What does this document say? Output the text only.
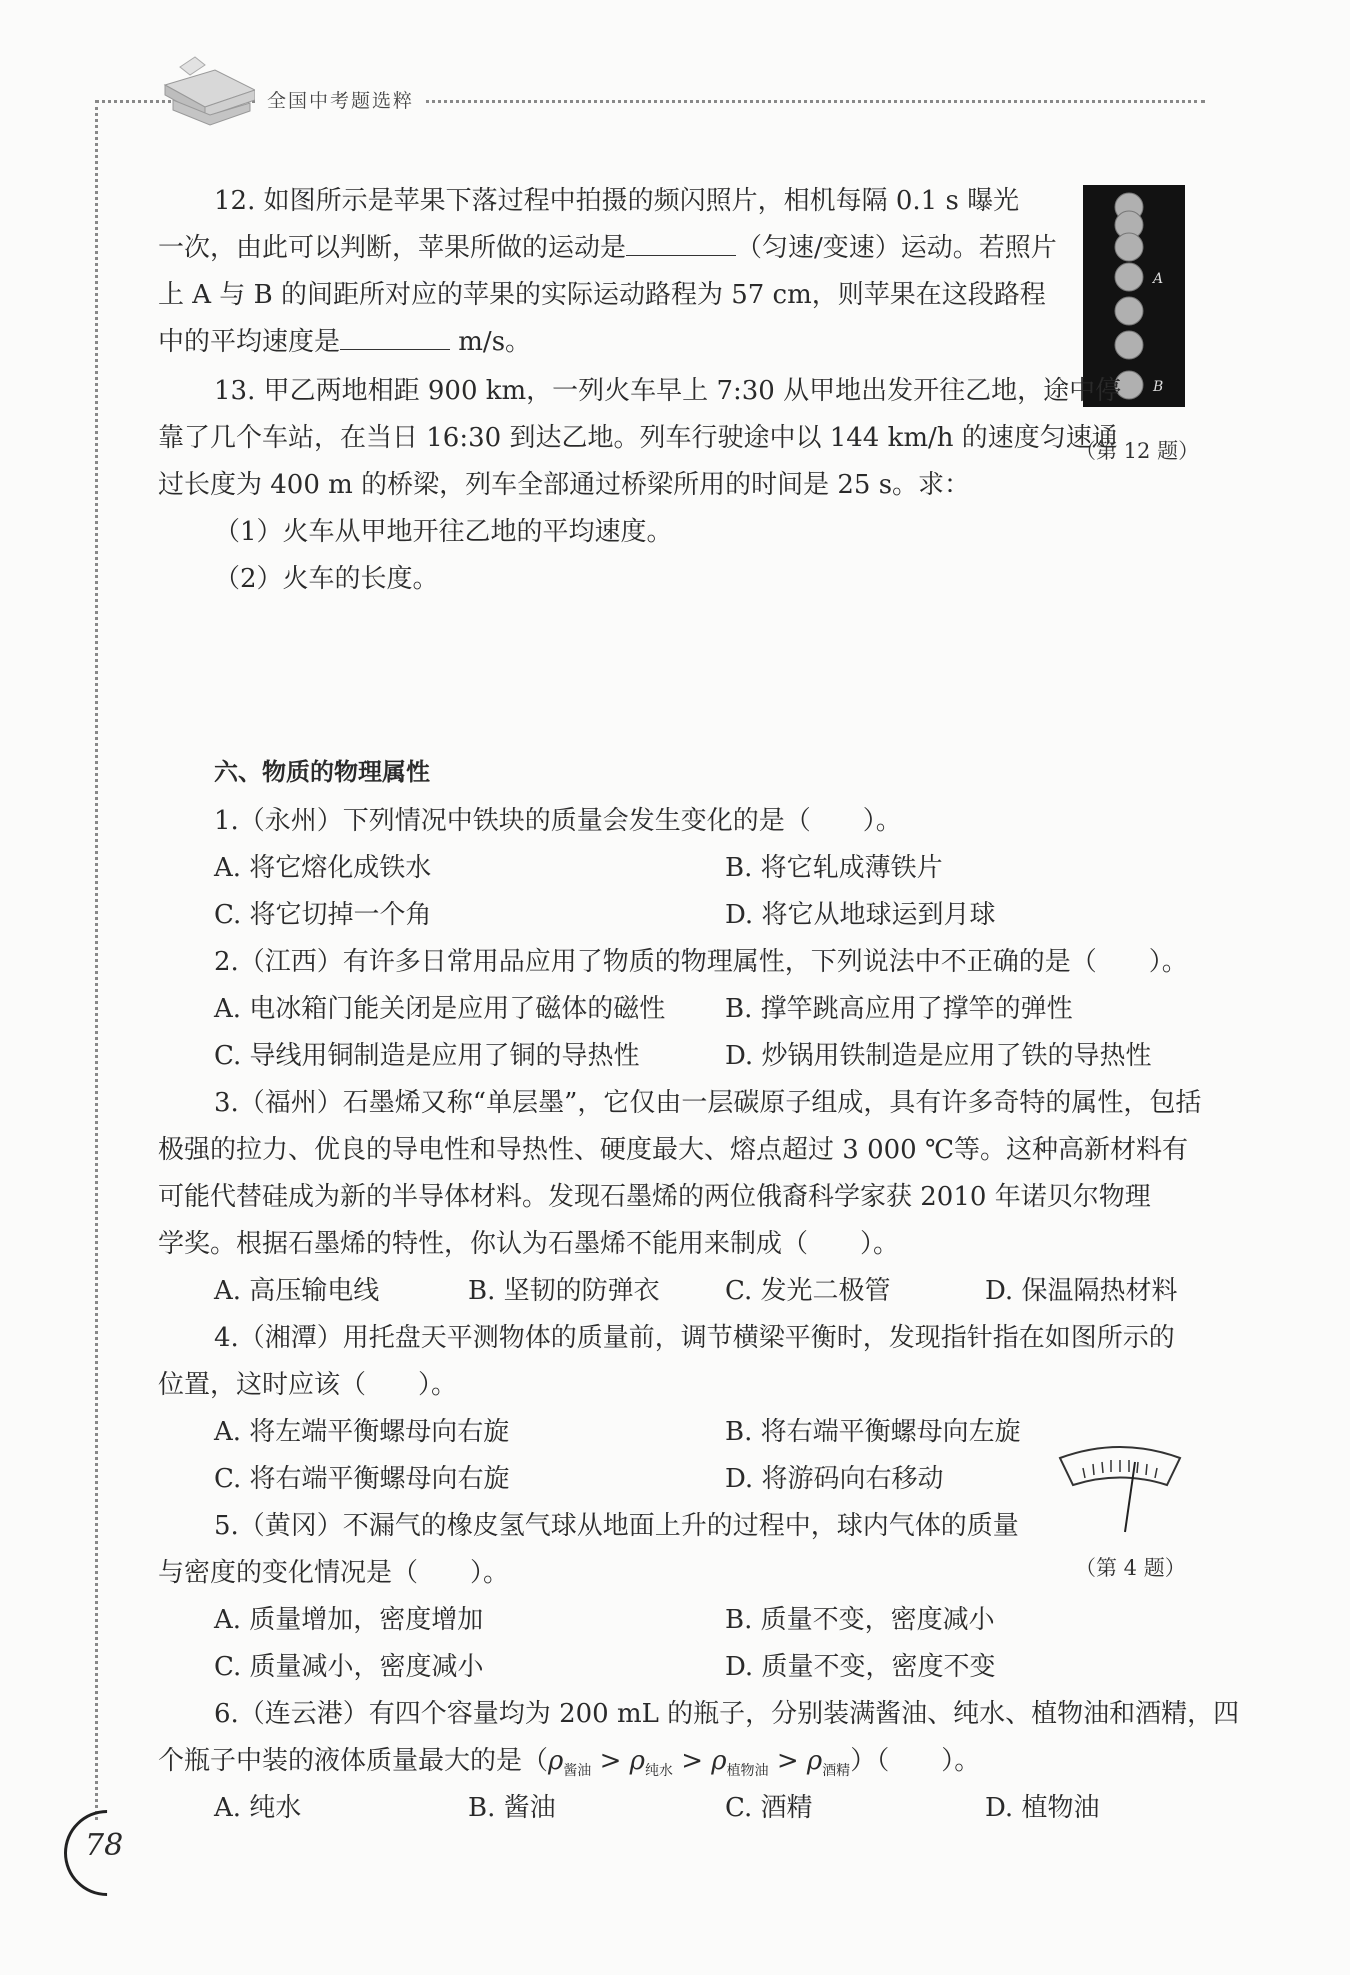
全国中考题选粹
12. 如图所示是苹果下落过程中拍摄的频闪照片，相机每隔 0.1 s 曝光
一次，由此可以判断，苹果所做的运动是	（匀速/变速）运动。若照片
上 A 与 B 的间距所对应的苹果的实际运动路程为 57 cm，则苹果在这段路程
中的平均速度是	m/s。
A
B
（第 12 题）
13. 甲乙两地相距 900 km，一列火车早上 7:30 从甲地出发开往乙地，途中停
靠了几个车站，在当日 16:30 到达乙地。列车行驶途中以 144 km/h 的速度匀速通
过长度为 400 m 的桥梁，列车全部通过桥梁所用的时间是 25 s。求：
（1）火车从甲地开往乙地的平均速度。
（2）火车的长度。
六、物质的物理属性
1.（永州）下列情况中铁块的质量会发生变化的是（　　）。
A. 将它熔化成铁水	B. 将它轧成薄铁片
C. 将它切掉一个角	D. 将它从地球运到月球
2.（江西）有许多日常用品应用了物质的物理属性，下列说法中不正确的是（　　）。
A. 电冰箱门能关闭是应用了磁体的磁性 B. 撑竿跳高应用了撑竿的弹性
C. 导线用铜制造是应用了铜的导热性	D. 炒锅用铁制造是应用了铁的导热性
3.（福州）石墨烯又称“单层墨”，它仅由一层碳原子组成，具有许多奇特的属性，包括
极强的拉力、优良的导电性和导热性、硬度最大、熔点超过 3 000 ℃等。这种高新材料有
可能代替硅成为新的半导体材料。发现石墨烯的两位俄裔科学家获 2010 年诺贝尔物理
学奖。根据石墨烯的特性，你认为石墨烯不能用来制成（　　）。
A. 高压输电线	B. 坚韧的防弹衣	C. 发光二极管	D. 保温隔热材料
4.（湘潭）用托盘天平测物体的质量前，调节横梁平衡时，发现指针指在如图所示的
位置，这时应该（　　）。
A. 将左端平衡螺母向右旋	B. 将右端平衡螺母向左旋
C. 将右端平衡螺母向右旋	D. 将游码向右移动
（第 4 题）
5.（黄冈）不漏气的橡皮氢气球从地面上升的过程中，球内气体的质量
与密度的变化情况是（　　）。
A. 质量增加，密度增加	B. 质量不变，密度减小
C. 质量减小，密度减小	D. 质量不变，密度不变
6.（连云港）有四个容量均为 200 mL 的瓶子，分别装满酱油、纯水、植物油和酒精，四
个瓶子中装的液体质量最大的是$(\rho_{酱油} > \rho_{纯水} > \rho_{植物油} > \rho_{酒精})$（　　）。
A. 纯水	B. 酱油	C. 酒精	D. 植物油
78
